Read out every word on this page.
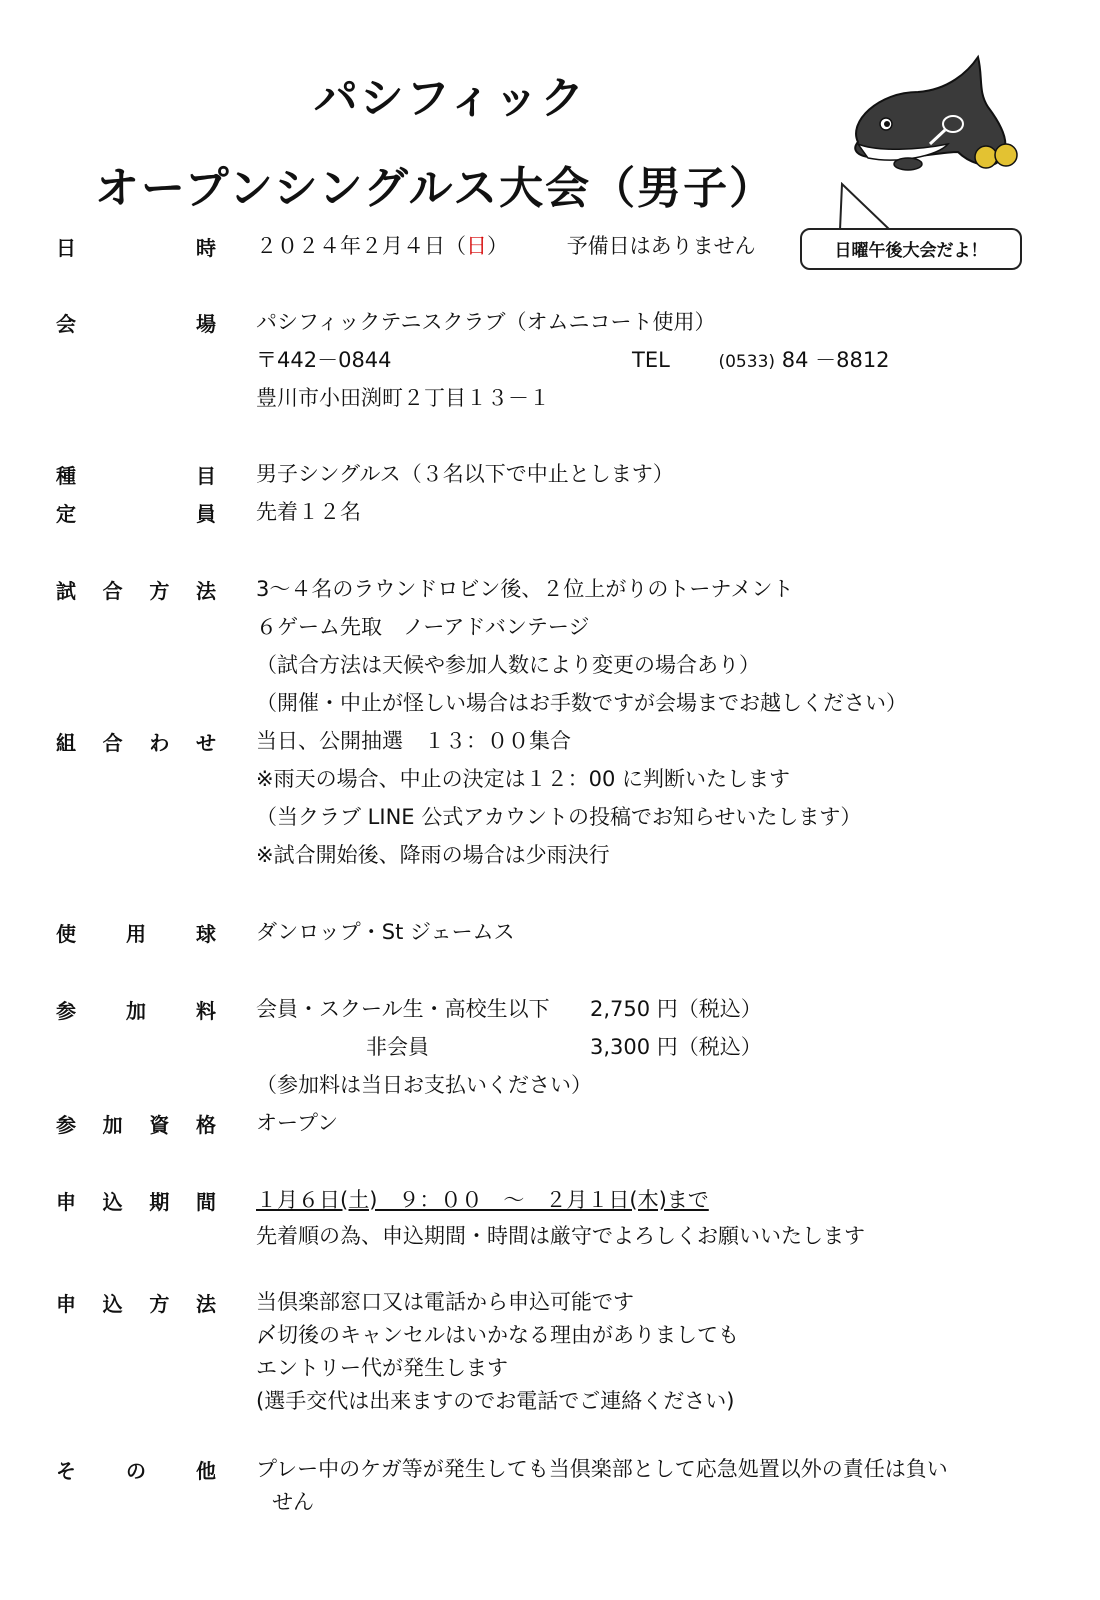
パシフィック
オープンシングルス大会（男子）
日曜午後大会だよ！
日	時 ２０２４年２月４日（日）	予備日はありません
会	場 パシフィックテニスクラブ（オムニコート使用）
〒442－0844	TEL	(0533) 84 －8812
豊川市小田渕町２丁目１３－１
種	目 男子シングルス（３名以下で中止とします）
定	員 先着１２名
試 合 方 法 3～４名のラウンドロビン後、２位上がりのトーナメント
６ゲーム先取　ノーアドバンテージ
（試合方法は天候や参加人数により変更の場合あり）
（開催・中止が怪しい場合はお手数ですが会場までお越しください）
組 合 わ せ 当日、公開抽選　１３：００集合
※雨天の場合、中止の決定は１２：00 に判断いたします
（当クラブ LINE 公式アカウントの投稿でお知らせいたします）
※試合開始後、降雨の場合は少雨決行
使	用	球 ダンロップ・St ジェームス
参	加	料 会員・スクール生・高校生以下 2,750 円（税込）
非会員	3,300 円（税込）
（参加料は当日お支払いください）
参 加 資 格 オープン
申 込 期 間 １月６日(土)　９：００　～　２月１日(木)まで
先着順の為、申込期間・時間は厳守でよろしくお願いいたします
申 込 方 法 当倶楽部窓口又は電話から申込可能です
〆切後のキャンセルはいかなる理由がありましても
エントリー代が発生します
(選手交代は出来ますのでお電話でご連絡ください)
そ	の	他 プレー中のケガ等が発生しても当倶楽部として応急処置以外の責任は負い
せん
